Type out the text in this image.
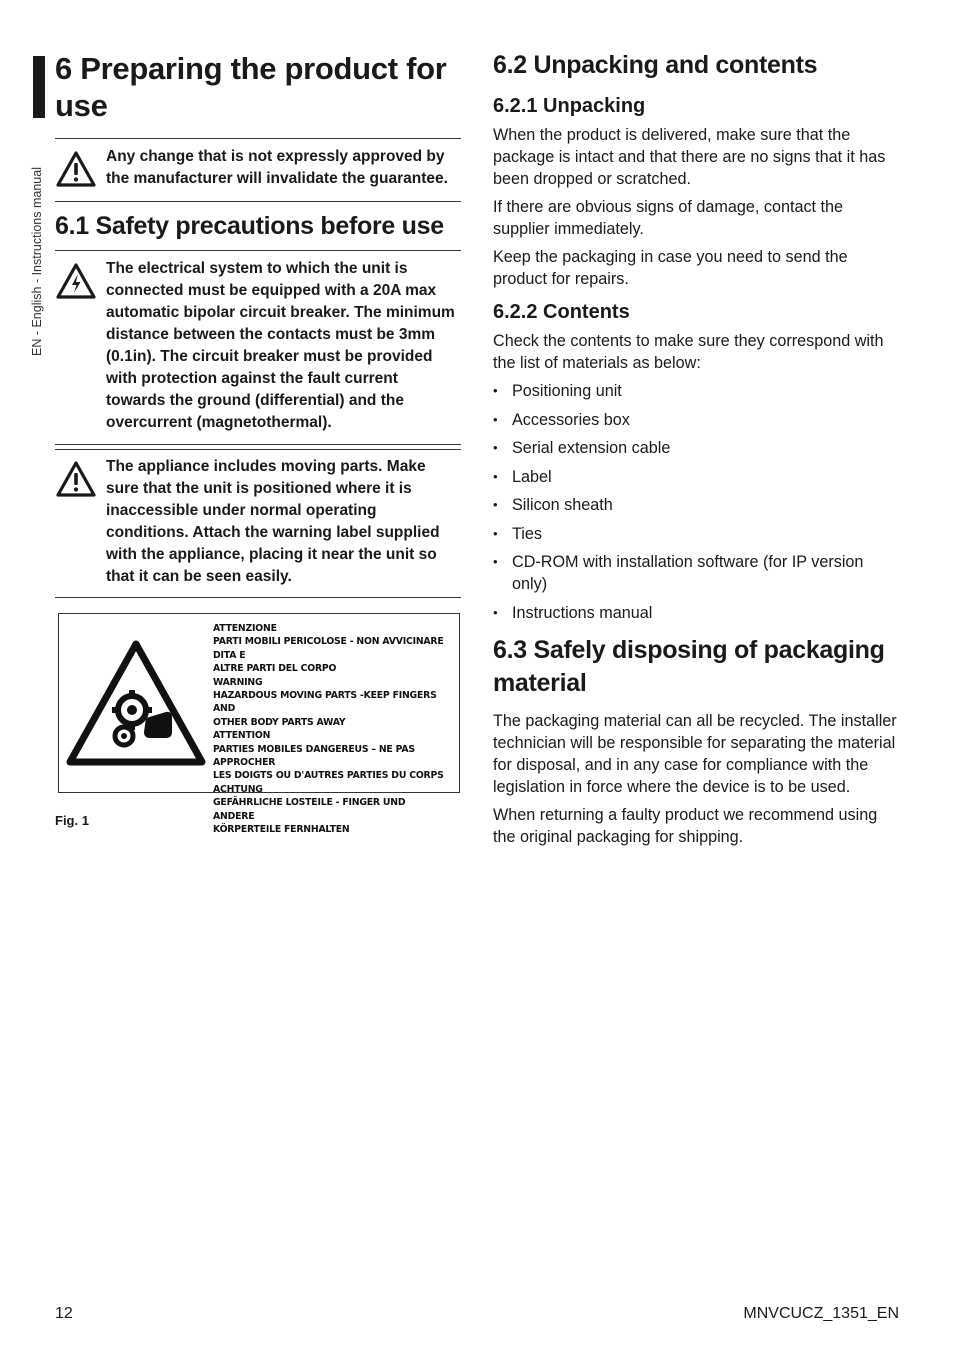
EN - English - Instructions manual
6 Preparing the product for use
Any change that is not expressly approved by the manufacturer will invalidate the guarantee.
6.1 Safety precautions before use
The electrical system to which the unit is connected must be equipped with a 20A max automatic bipolar circuit breaker. The minimum distance between the contacts must be 3mm (0.1in). The circuit breaker must be provided with protection against the fault current towards the ground (differential) and the overcurrent (magnetothermal).
The appliance includes moving parts. Make sure that the unit is positioned where it is inaccessible under normal operating conditions. Attach the warning label supplied with the appliance, placing it near the unit so that it can be seen easily.
ATTENZIONE
PARTI MOBILI PERICOLOSE - NON AVVICINARE DITA E
ALTRE PARTI DEL CORPO
WARNING
HAZARDOUS MOVING PARTS -KEEP FINGERS AND
OTHER BODY PARTS AWAY
ATTENTION
PARTIES MOBILES DANGEREUS – NE PAS APPROCHER
LES DOIGTS OU D'AUTRES PARTIES DU CORPS
ACHTUNG
GEFÄHRLICHE LOSTEILE - FINGER UND ANDERE
KÖRPERTEILE FERNHALTEN
Fig. 1
6.2 Unpacking and contents
6.2.1 Unpacking

When the product is delivered, make sure that the package is intact and that there are no signs that it has been dropped or scratched.

If there are obvious signs of damage, contact the supplier immediately.

Keep the packaging in case you need to send the product for repairs.

6.2.2 Contents

Check the contents to make sure they correspond with the list of materials as below:

• Positioning unit
• Accessories box
• Serial extension cable
• Label
• Silicon sheath
• Ties
• CD-ROM with installation software (for IP version only)
• Instructions manual
6.3 Safely disposing of packaging material

The packaging material can all be recycled. The installer technician will be responsible for separating the material for disposal, and in any case for compliance with the legislation in force where the device is to be used.

When returning a faulty product we recommend using the original packaging for shipping.

12	MNVCUCZ_1351_EN
